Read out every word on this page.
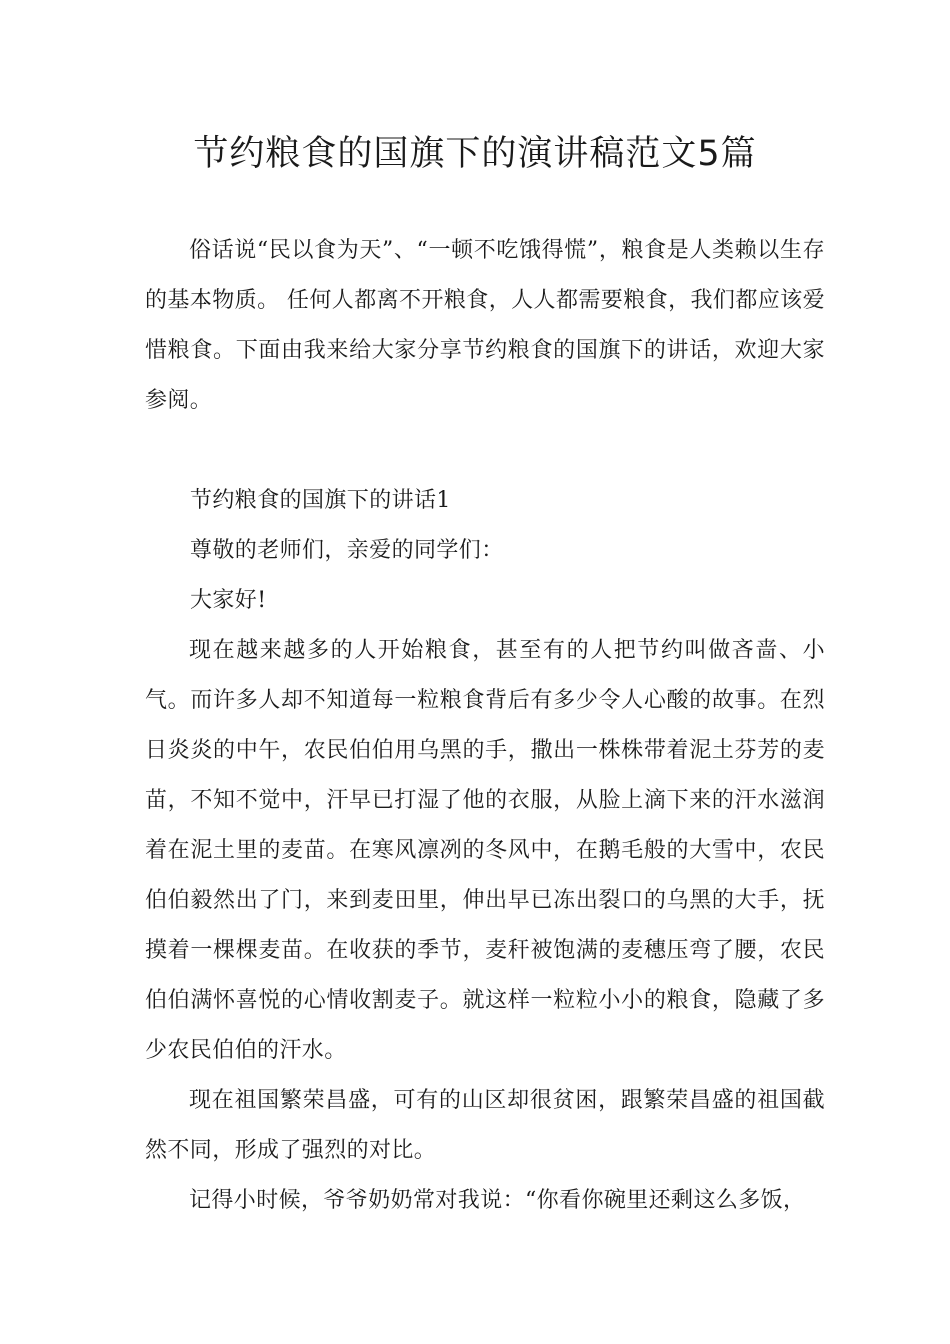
节约粮食的国旗下的演讲稿范文5篇

俗话说“民以食为天”、“一顿不吃饿得慌”，粮食是人类赖以生存的基本物质。 任何人都离不开粮食，人人都需要粮食，我们都应该爱惜粮食。下面由我来给大家分享节约粮食的国旗下的讲话，欢迎大家参阅。

节约粮食的国旗下的讲话1

尊敬的老师们，亲爱的同学们：

大家好!

现在越来越多的人开始粮食，甚至有的人把节约叫做吝啬、小气。而许多人却不知道每一粒粮食背后有多少令人心酸的故事。在烈日炎炎的中午，农民伯伯用乌黑的手，撒出一株株带着泥土芬芳的麦苗，不知不觉中，汗早已打湿了他的衣服，从脸上滴下来的汗水滋润着在泥土里的麦苗。在寒风凛冽的冬风中，在鹅毛般的大雪中，农民伯伯毅然出了门，来到麦田里，伸出早已冻出裂口的乌黑的大手，抚摸着一棵棵麦苗。在收获的季节，麦秆被饱满的麦穗压弯了腰，农民伯伯满怀喜悦的心情收割麦子。就这样一粒粒小小的粮食，隐藏了多少农民伯伯的汗水。

现在祖国繁荣昌盛，可有的山区却很贫困，跟繁荣昌盛的祖国截然不同，形成了强烈的对比。

记得小时候，爷爷奶奶常对我说：“你看你碗里还剩这么多饭，
